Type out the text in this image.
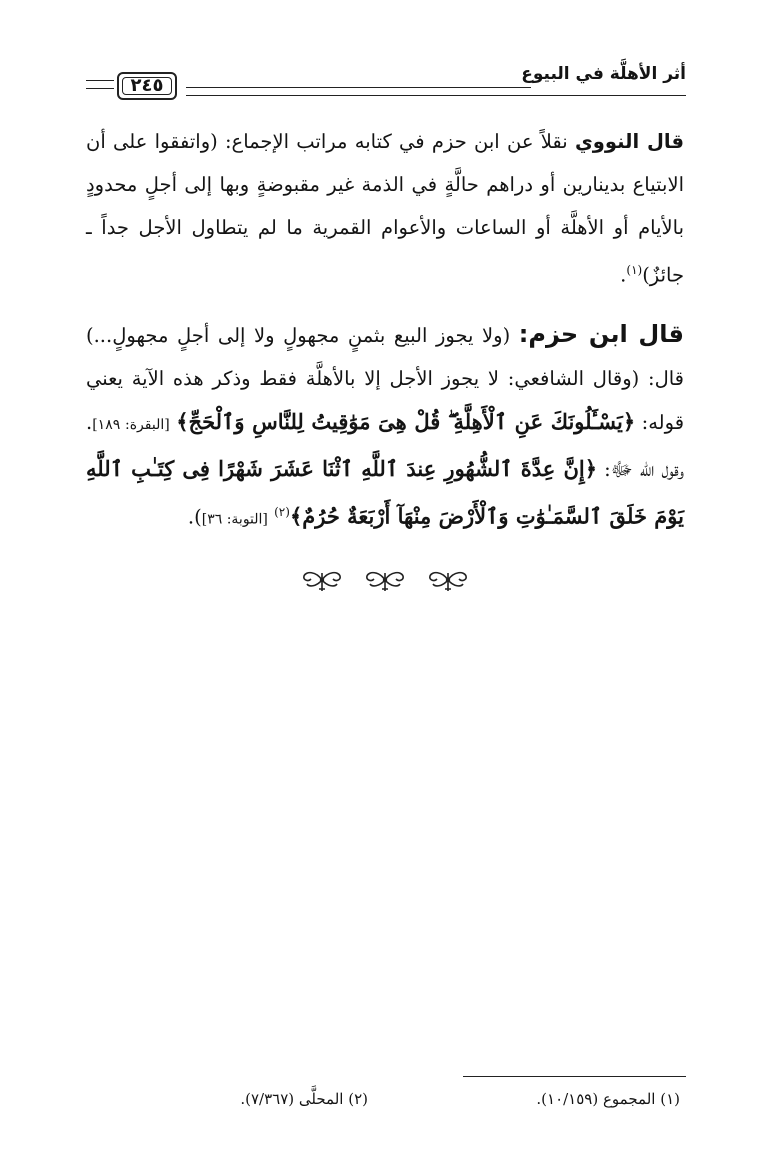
أثر الأهلَّة في البيوع
٢٤٥

قال النووي نقلاً عن ابن حزم في كتابه مراتب الإجماع: (واتفقوا على أن الابتياع بدينارين أو دراهم حالَّةٍ في الذمة غير مقبوضةٍ وبها إلى أجلٍ محدودٍ بالأيام أو الأهلَّة أو الساعات والأعوام القمرية ما لم يتطاول الأجل جداً ـ جائزٌ)$^{(١)}$.

قال ابن حزم: (ولا يجوز البيع بثمنٍ مجهولٍ ولا إلى أجلٍ مجهولٍ...) قال: (وقال الشافعي: لا يجوز الأجل إلا بالأهلَّة فقط وذكر هذه الآية يعني قوله: ﴿يَسْـَٔلُونَكَ عَنِ ٱلْأَهِلَّةِ ۖ قُلْ هِىَ مَوَٰقِيتُ لِلنَّاسِ وَٱلْحَجِّ﴾ [البقرة: ١٨٩]. وقول الله ﷻ: ﴿إِنَّ عِدَّةَ ٱلشُّهُورِ عِندَ ٱللَّهِ ٱثْنَا عَشَرَ شَهْرًا فِى كِتَـٰبِ ٱللَّهِ يَوْمَ خَلَقَ ٱلسَّمَـٰوَٰتِ وَٱلْأَرْضَ مِنْهَآ أَرْبَعَةٌ حُرُمٌ﴾$^{(٢)}$ [التوبة: ٣٦]).

(١) المجموع (١٠/١٥٩).
(٢) المحلَّى (٧/٣٦٧).
